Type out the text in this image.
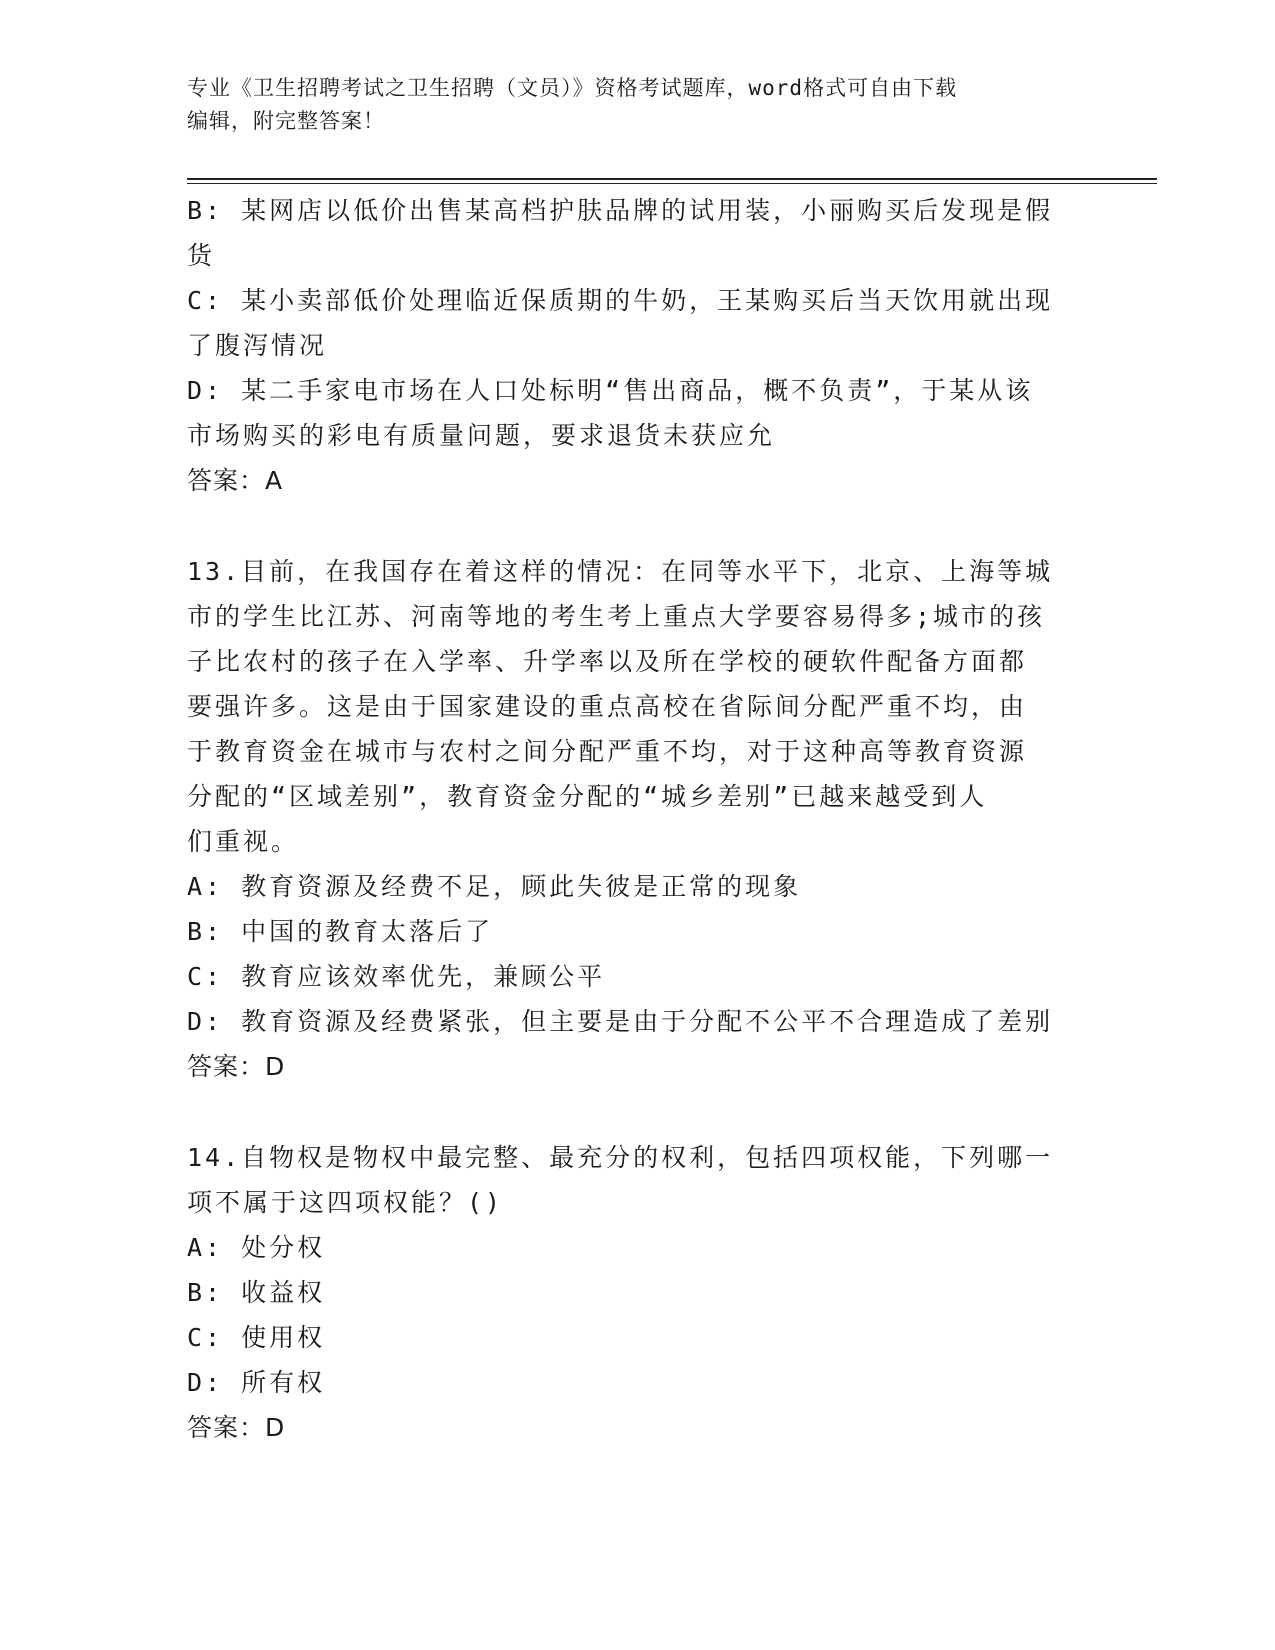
专业《卫生招聘考试之卫生招聘（文员）》资格考试题库，word格式可自由下载
编辑，附完整答案！
B: 某网店以低价出售某高档护肤品牌的试用装，小丽购买后发现是假
货
C: 某小卖部低价处理临近保质期的牛奶，王某购买后当天饮用就出现
了腹泻情况
D: 某二手家电市场在人口处标明“售出商品，概不负责”，于某从该
市场购买的彩电有质量问题，要求退货未获应允
答案：A
13.目前，在我国存在着这样的情况：在同等水平下，北京、上海等城
市的学生比江苏、河南等地的考生考上重点大学要容易得多;城市的孩
子比农村的孩子在入学率、升学率以及所在学校的硬软件配备方面都
要强许多。这是由于国家建设的重点高校在省际间分配严重不均，由
于教育资金在城市与农村之间分配严重不均，对于这种高等教育资源
分配的“区域差别”，教育资金分配的“城乡差别”已越来越受到人
们重视。
A: 教育资源及经费不足，顾此失彼是正常的现象
B: 中国的教育太落后了
C: 教育应该效率优先，兼顾公平
D: 教育资源及经费紧张，但主要是由于分配不公平不合理造成了差别
答案：D
14.自物权是物权中最完整、最充分的权利，包括四项权能，下列哪一
项不属于这四项权能？()
A: 处分权
B: 收益权
C: 使用权
D: 所有权
答案：D
